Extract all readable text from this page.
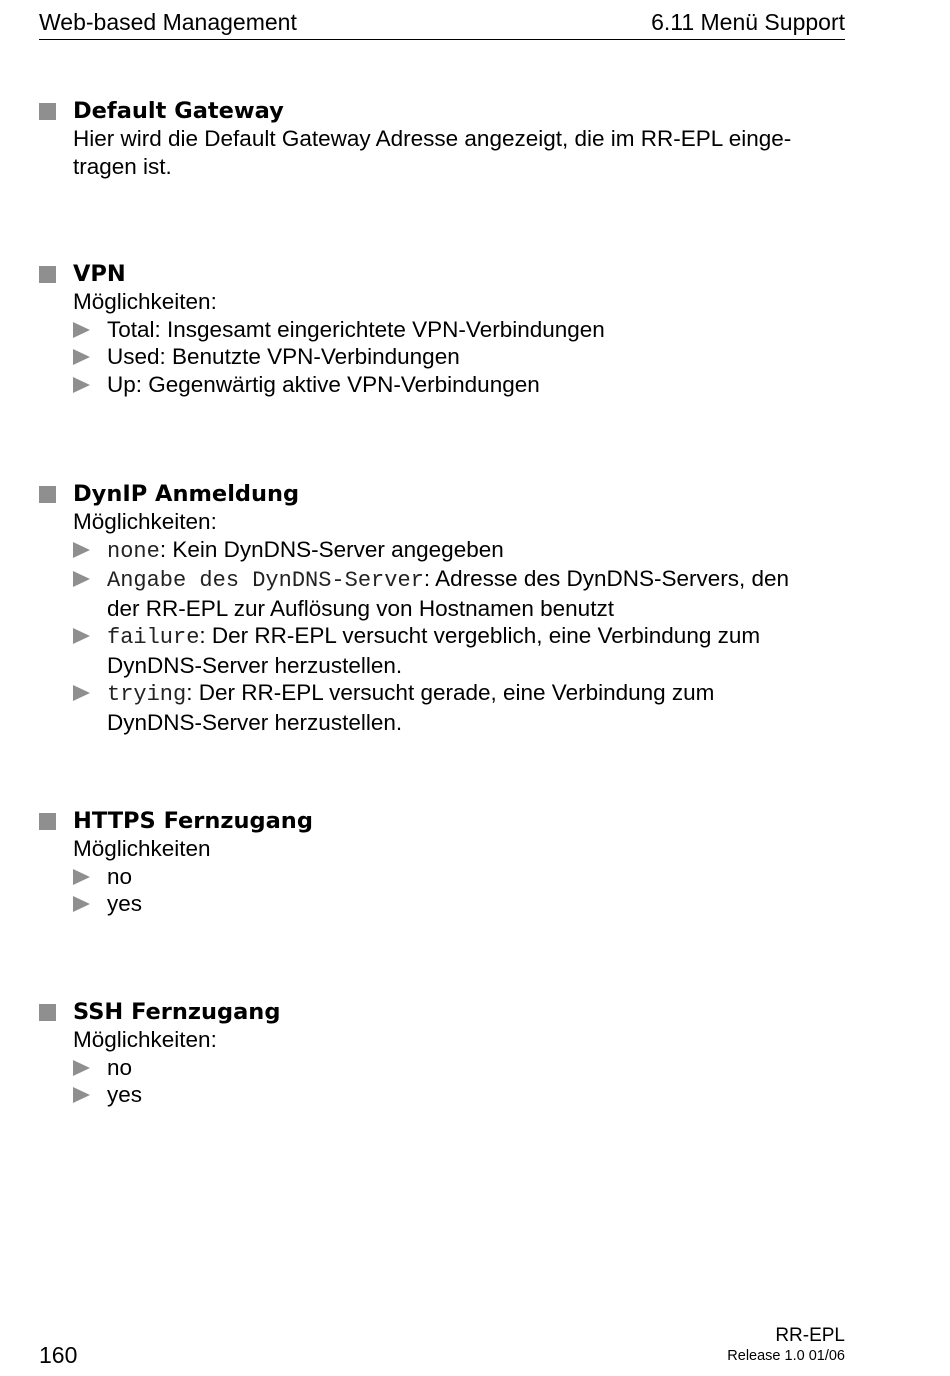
Web-based Management	6.11 Menü Support
Default Gateway
Hier wird die Default Gateway Adresse angezeigt, die im RR-EPL einge-
tragen ist.
VPN
Möglichkeiten:
Total: Insgesamt eingerichtete VPN-Verbindungen
Used: Benutzte VPN-Verbindungen
Up: Gegenwärtig aktive VPN-Verbindungen
DynIP Anmeldung
Möglichkeiten:
none: Kein DynDNS-Server angegeben
Angabe des DynDNS-Server: Adresse des DynDNS-Servers, den
der RR-EPL zur Auflösung von Hostnamen benutzt
failure: Der RR-EPL versucht vergeblich, eine Verbindung zum
DynDNS-Server herzustellen.
trying: Der RR-EPL versucht gerade, eine Verbindung zum
DynDNS-Server herzustellen.
HTTPS Fernzugang
Möglichkeiten
no
yes
SSH Fernzugang
Möglichkeiten:
no
yes
160
RR-EPL
Release 1.0 01/06
